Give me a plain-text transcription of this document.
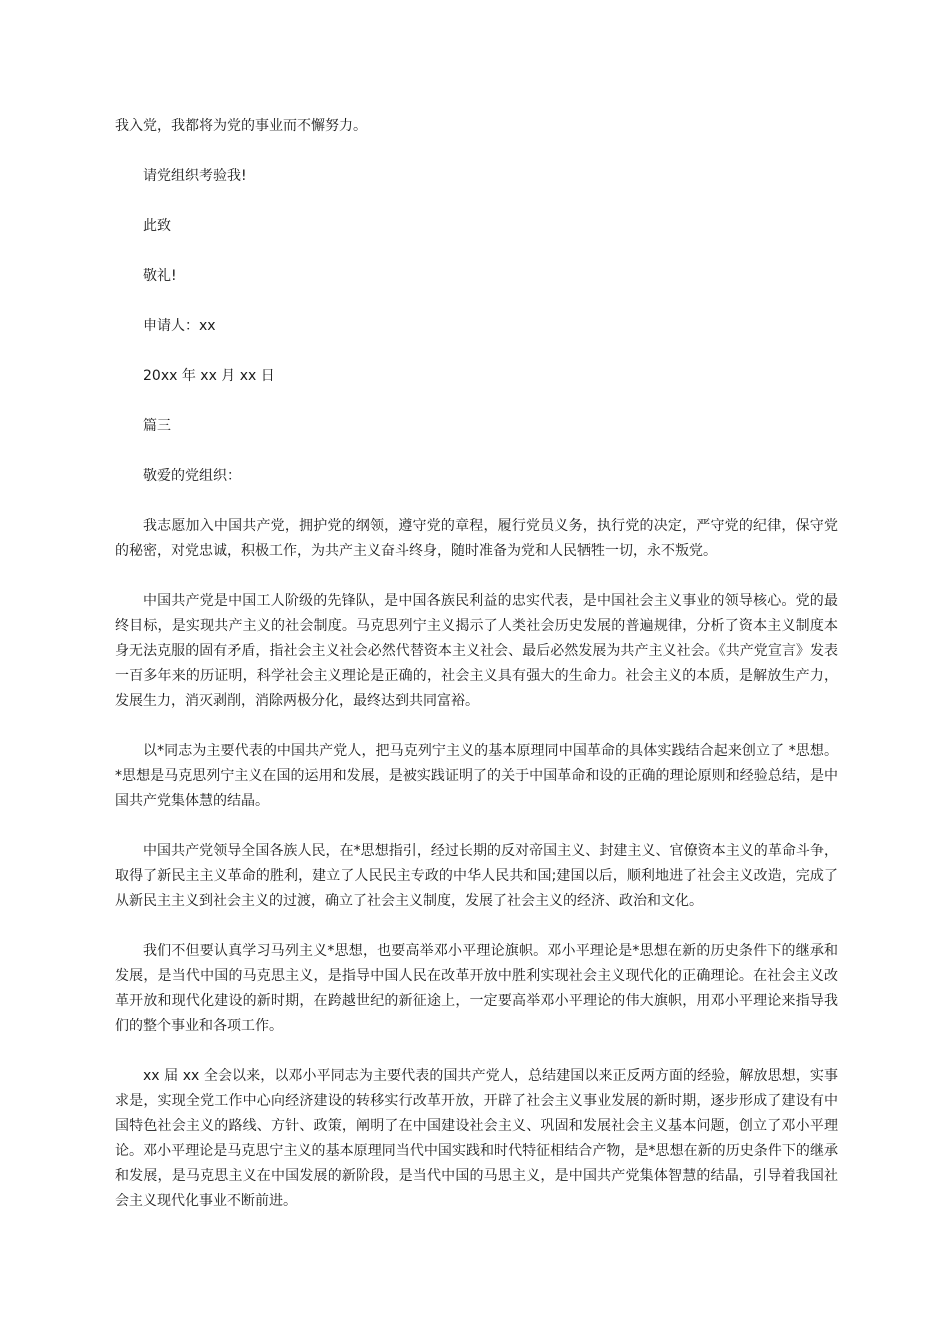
我入党，我都将为党的事业而不懈努力。
请党组织考验我!
此致
敬礼!
申请人：xx
20xx 年 xx 月 xx 日
篇三
敬爱的党组织：

我志愿加入中国共产党，拥护党的纲领，遵守党的章程，履行党员义务，执行党的决定，严守党的纪律，保守党的秘密，对党忠诚，积极工作，为共产主义奋斗终身，随时准备为党和人民牺牲一切，永不叛党。

中国共产党是中国工人阶级的先锋队，是中国各族民利益的忠实代表，是中国社会主义事业的领导核心。党的最终目标，是实现共产主义的社会制度。马克思列宁主义揭示了人类社会历史发展的普遍规律，分析了资本主义制度本身无法克服的固有矛盾，指社会主义社会必然代替资本主义社会、最后必然发展为共产主义社会。《共产党宣言》发表一百多年来的历证明，科学社会主义理论是正确的，社会主义具有强大的生命力。社会主义的本质，是解放生产力，发展生力，消灭剥削，消除两极分化，最终达到共同富裕。

以*同志为主要代表的中国共产党人，把马克列宁主义的基本原理同中国革命的具体实践结合起来创立了 *思想。*思想是马克思列宁主义在国的运用和发展，是被实践证明了的关于中国革命和设的正确的理论原则和经验总结，是中国共产党集体慧的结晶。

中国共产党领导全国各族人民，在*思想指引，经过长期的反对帝国主义、封建主义、官僚资本主义的革命斗争，取得了新民主主义革命的胜利，建立了人民民主专政的中华人民共和国;建国以后，顺利地进了社会主义改造，完成了从新民主主义到社会主义的过渡，确立了社会主义制度，发展了社会主义的经济、政治和文化。

我们不但要认真学习马列主义*思想，也要高举邓小平理论旗帜。邓小平理论是*思想在新的历史条件下的继承和发展，是当代中国的马克思主义，是指导中国人民在改革开放中胜利实现社会主义现代化的正确理论。在社会主义改革开放和现代化建设的新时期，在跨越世纪的新征途上，一定要高举邓小平理论的伟大旗帜，用邓小平理论来指导我们的整个事业和各项工作。

xx 届 xx 全会以来，以邓小平同志为主要代表的国共产党人，总结建国以来正反两方面的经验，解放思想，实事求是，实现全党工作中心向经济建设的转移实行改革开放，开辟了社会主义事业发展的新时期，逐步形成了建设有中国特色社会主义的路线、方针、政策，阐明了在中国建设社会主义、巩固和发展社会主义基本问题，创立了邓小平理论。邓小平理论是马克思宁主义的基本原理同当代中国实践和时代特征相结合产物，是*思想在新的历史条件下的继承和发展，是马克思主义在中国发展的新阶段，是当代中国的马思主义，是中国共产党集体智慧的结晶，引导着我国社会主义现代化事业不断前进。
